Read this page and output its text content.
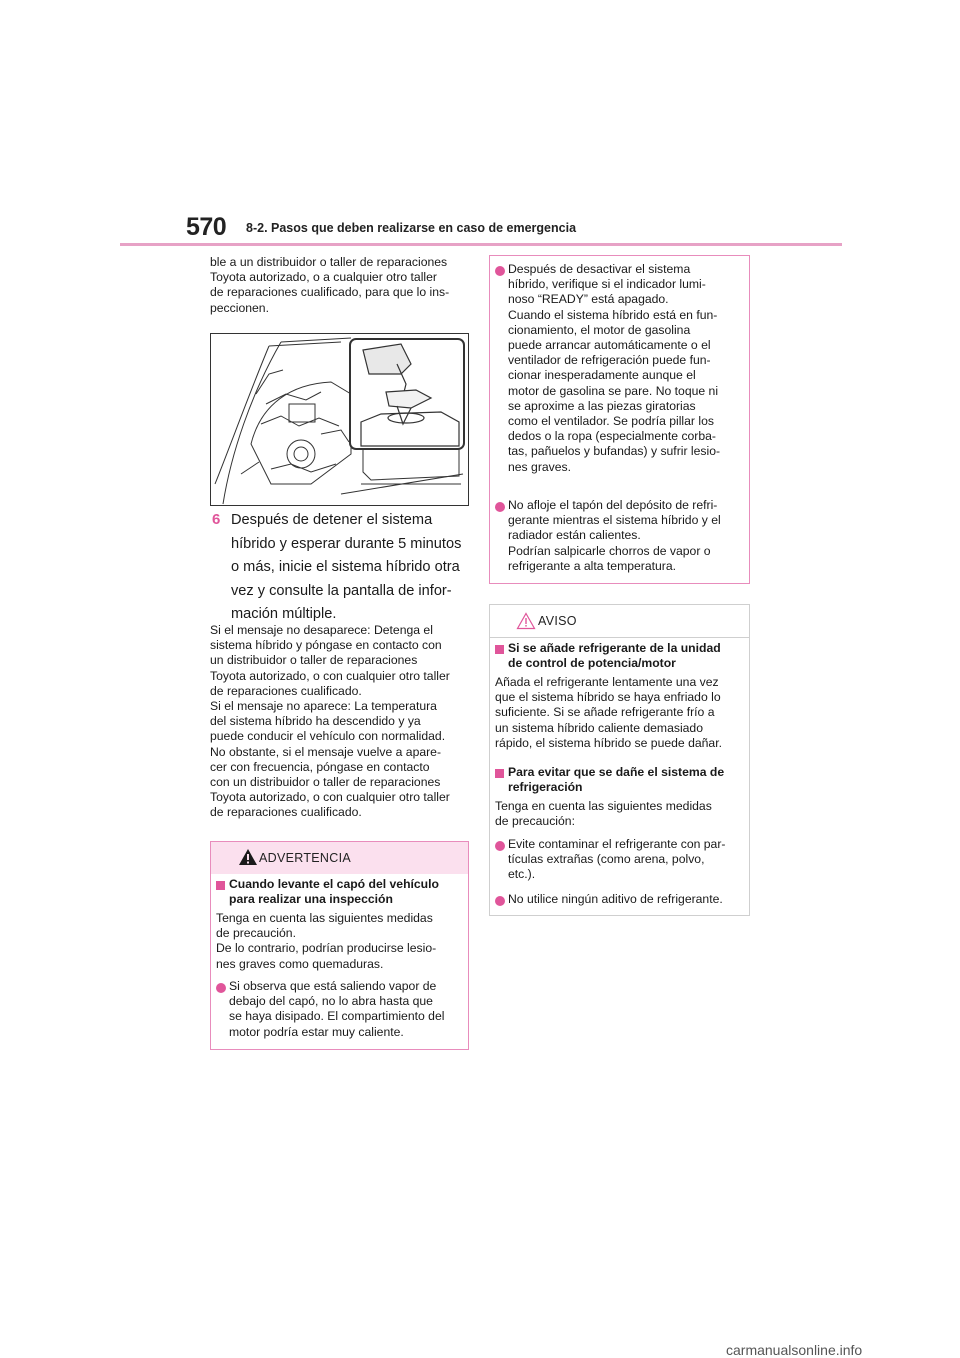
570 8-2. Pasos que deben realizarse en caso de emergencia
ble a un distribuidor o taller de reparaciones
Toyota autorizado, o a cualquier otro taller
de reparaciones cualificado, para que lo ins-
peccionen.
6 Después de detener el sistema
híbrido y esperar durante 5 minutos
o más, inicie el sistema híbrido otra
vez y consulte la pantalla de infor-
mación múltiple.
Si el mensaje no desaparece: Detenga el
sistema híbrido y póngase en contacto con
un distribuidor o taller de reparaciones
Toyota autorizado, o con cualquier otro taller
de reparaciones cualificado.
Si el mensaje no aparece: La temperatura
del sistema híbrido ha descendido y ya
puede conducir el vehículo con normalidad.
No obstante, si el mensaje vuelve a apare-
cer con frecuencia, póngase en contacto
con un distribuidor o taller de reparaciones
Toyota autorizado, o con cualquier otro taller
de reparaciones cualificado.
ADVERTENCIA
Cuando levante el capó del vehículo
para realizar una inspección
Tenga en cuenta las siguientes medidas
de precaución.
De lo contrario, podrían producirse lesio-
nes graves como quemaduras.
Si observa que está saliendo vapor de
debajo del capó, no lo abra hasta que
se haya disipado. El compartimiento del
motor podría estar muy caliente.
Después de desactivar el sistema
híbrido, verifique si el indicador lumi-
noso “READY” está apagado.
Cuando el sistema híbrido está en fun-
cionamiento, el motor de gasolina
puede arrancar automáticamente o el
ventilador de refrigeración puede fun-
cionar inesperadamente aunque el
motor de gasolina se pare. No toque ni
se aproxime a las piezas giratorias
como el ventilador. Se podría pillar los
dedos o la ropa (especialmente corba-
tas, pañuelos y bufandas) y sufrir lesio-
nes graves.
No afloje el tapón del depósito de refri-
gerante mientras el sistema híbrido y el
radiador están calientes.
Podrían salpicarle chorros de vapor o
refrigerante a alta temperatura.
AVISO
Si se añade refrigerante de la unidad
de control de potencia/motor
Añada el refrigerante lentamente una vez
que el sistema híbrido se haya enfriado lo
suficiente. Si se añade refrigerante frío a
un sistema híbrido caliente demasiado
rápido, el sistema híbrido se puede dañar.
Para evitar que se dañe el sistema de
refrigeración
Tenga en cuenta las siguientes medidas
de precaución:
Evite contaminar el refrigerante con par-
tículas extrañas (como arena, polvo,
etc.).
No utilice ningún aditivo de refrigerante.
carmanualsonline.info
